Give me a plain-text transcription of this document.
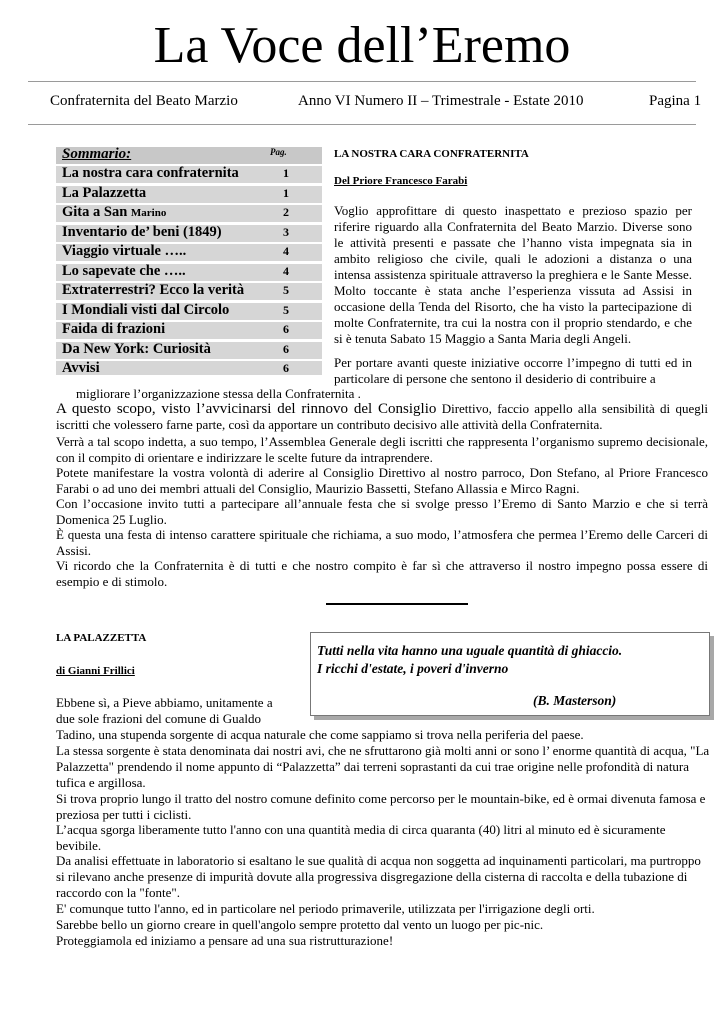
La Voce dell’Eremo
Confraternita del Beato Marzio	Anno VI Numero II – Trimestrale - Estate 2010	Pagina 1
Sommario:	Pag.
La nostra cara confraternita	1
La Palazzetta	1
Gita a San Marino	2
Inventario de’ beni (1849)	3
Viaggio virtuale …..	4
Lo sapevate che …..	4
Extraterrestri? Ecco la verità	5
I Mondiali visti dal Circolo	5
Faida di frazioni	6
Da New York: Curiosità	6
Avvisi	6
LA NOSTRA CARA CONFRATERNITA
Del Priore Francesco Farabi
Voglio approfittare di questo inaspettato e prezioso spazio per riferire riguardo alla Confraternita del Beato Marzio. Diverse sono le attività presenti e passate che l’hanno vista impegnata sia in ambito religioso che civile, quali le adozioni a distanza o una intensa assistenza spirituale attraverso la preghiera e le Sante Messe. Molto toccante è stata anche l’esperienza vissuta ad Assisi in occasione della Tenda del Risorto, che ha visto la partecipazione di molte Confraternite, tra cui la nostra con il proprio stendardo, e che si è tenuta Sabato 15 Maggio a Santa Maria degli Angeli.
Per portare avanti queste iniziative occorre l’impegno di tutti ed in particolare di persone che sentono il desiderio di contribuire a
migliorare l’organizzazione stessa della Confraternita .
A questo scopo, visto l’avvicinarsi del rinnovo del Consiglio Direttivo, faccio appello alla sensibilità di quegli iscritti che volessero farne parte, così da apportare un contributo decisivo alle attività della Confraternita.
Verrà a tal scopo indetta, a suo tempo, l’Assemblea Generale degli iscritti che rappresenta l’organismo supremo decisionale, con il compito di orientare e indirizzare le scelte future da intraprendere.
Potete manifestare la vostra volontà di aderire al Consiglio Direttivo al nostro parroco, Don Stefano, al Priore Francesco Farabi o ad uno dei membri attuali del Consiglio, Maurizio Bassetti, Stefano Allassia e Mirco Ragni.
Con l’occasione invito tutti a partecipare all’annuale festa che si svolge presso l’Eremo di Santo Marzio e che si terrà Domenica 25 Luglio.
È questa una festa di intenso carattere spirituale che richiama, a suo modo, l’atmosfera che permea l’Eremo delle Carceri di Assisi.
Vi ricordo che la Confraternita è di tutti e che nostro compito è far sì che attraverso il nostro impegno possa essere di esempio e di stimolo.
Tutti nella vita hanno una uguale quantità di ghiaccio.
I ricchi d'estate, i poveri d'inverno
(B. Masterson)
LA PALAZZETTA
di Gianni Frillici
Ebbene sì, a Pieve abbiamo, unitamente a
due sole frazioni del comune di Gualdo
Tadino, una stupenda sorgente di acqua naturale che come sappiamo si trova nella periferia del paese.
La stessa sorgente è stata denominata dai nostri avi, che ne sfruttarono già molti anni or sono l’ enorme quantità di acqua, "La Palazzetta" prendendo il nome appunto di “Palazzetta” dai terreni soprastanti da cui trae origine nelle profondità di natura tufica e argillosa.
Si trova proprio lungo il tratto del nostro comune definito come percorso per le mountain-bike, ed è ormai divenuta famosa e preziosa per tutti i ciclisti.
L’acqua sgorga liberamente tutto l'anno con una quantità media di circa quaranta (40) litri al minuto ed è sicuramente bevibile.
Da analisi effettuate in laboratorio si esaltano le sue qualità di acqua non soggetta ad inquinamenti particolari, ma purtroppo si rilevano anche presenze di impurità dovute alla progressiva disgregazione della cisterna di raccolta e della tubazione di raccordo con la "fonte".
E' comunque tutto l'anno, ed in particolare nel periodo primaverile, utilizzata per l'irrigazione degli orti.
Sarebbe bello un giorno creare in quell'angolo sempre protetto dal vento un luogo per pic-nic.
Proteggiamola ed iniziamo a pensare ad una sua ristrutturazione!
